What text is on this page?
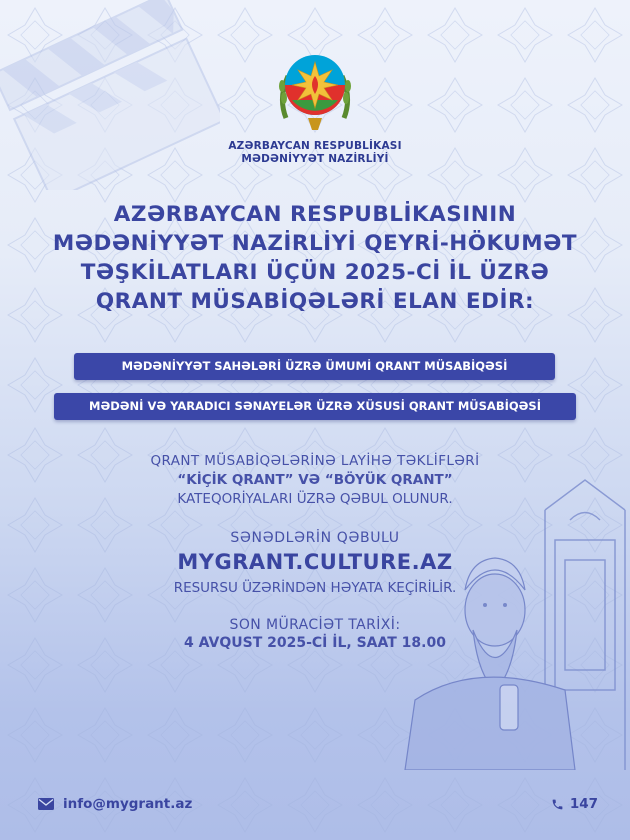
AZƏRBAYCAN RESPUBLİKASI
MƏDƏNİYYƏT NAZİRLİYİ
AZƏRBAYCAN RESPUBLİKASININ
MƏDƏNİYYƏT NAZİRLİYİ QEYRİ-HÖKUMƏT
TƏŞKİLATLARI ÜÇÜN 2025-Cİ İL ÜZRƏ
QRANT MÜSABİQƏLƏRİ ELAN EDİR:
MƏDƏNİYYƏT SAHƏLƏRİ ÜZRƏ ÜMUMİ QRANT MÜSABİQƏSİ
MƏDƏNİ VƏ YARADICI SƏNAYELƏR ÜZRƏ XÜSUSİ QRANT MÜSABİQƏSİ
QRANT MÜSABİQƏLƏRİNƏ LAYİHƏ TƏKLİFLƏRİ
“KİÇİK QRANT” VƏ “BÖYÜK QRANT”
KATEQORİYALARI ÜZRƏ QƏBUL OLUNUR.
SƏNƏDLƏRİN QƏBULU
MYGRANT.CULTURE.AZ
RESURSU ÜZƏRİNDƏN HƏYATA KEÇİRİLİR.
SON MÜRACİƏT TARİXİ:
4 AVQUST 2025-Cİ İL, SAAT 18.00
info@mygrant.az	147
